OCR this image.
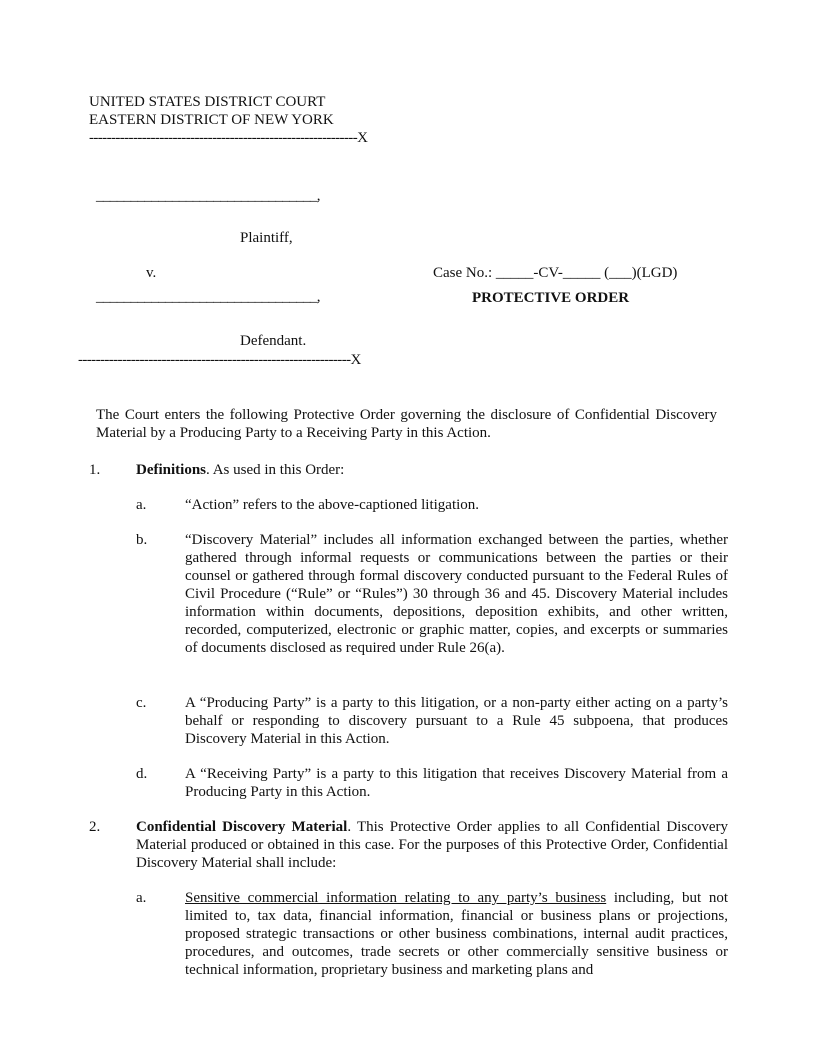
UNITED STATES DISTRICT COURT
EASTERN DISTRICT OF NEW YORK
-------------------------------------------------------------X
________________________________,
Plaintiff,
v.	Case No.: _____-CV-_____ (___)(LGD)
________________________________,	PROTECTIVE ORDER
Defendant.
--------------------------------------------------------------X
The Court enters the following Protective Order governing the disclosure of Confidential Discovery Material by a Producing Party to a Receiving Party in this Action.
1. Definitions. As used in this Order:
a.	“Action” refers to the above-captioned litigation.
b.	“Discovery Material” includes all information exchanged between the parties, whether gathered through informal requests or communications between the parties or their counsel or gathered through formal discovery conducted pursuant to the Federal Rules of Civil Procedure (“Rule” or “Rules”) 30 through 36 and 45. Discovery Material includes information within documents, depositions, deposition exhibits, and other written, recorded, computerized, electronic or graphic matter, copies, and excerpts or summaries of documents disclosed as required under Rule 26(a).
c.	A “Producing Party” is a party to this litigation, or a non-party either acting on a party’s behalf or responding to discovery pursuant to a Rule 45 subpoena, that produces Discovery Material in this Action.
d.	A “Receiving Party” is a party to this litigation that receives Discovery Material from a Producing Party in this Action.
2. Confidential Discovery Material. This Protective Order applies to all Confidential Discovery Material produced or obtained in this case. For the purposes of this Protective Order, Confidential Discovery Material shall include:
a.	Sensitive commercial information relating to any party’s business including, but not limited to, tax data, financial information, financial or business plans or projections, proposed strategic transactions or other business combinations, internal audit practices, procedures, and outcomes, trade secrets or other commercially sensitive business or technical information, proprietary business and marketing plans and
